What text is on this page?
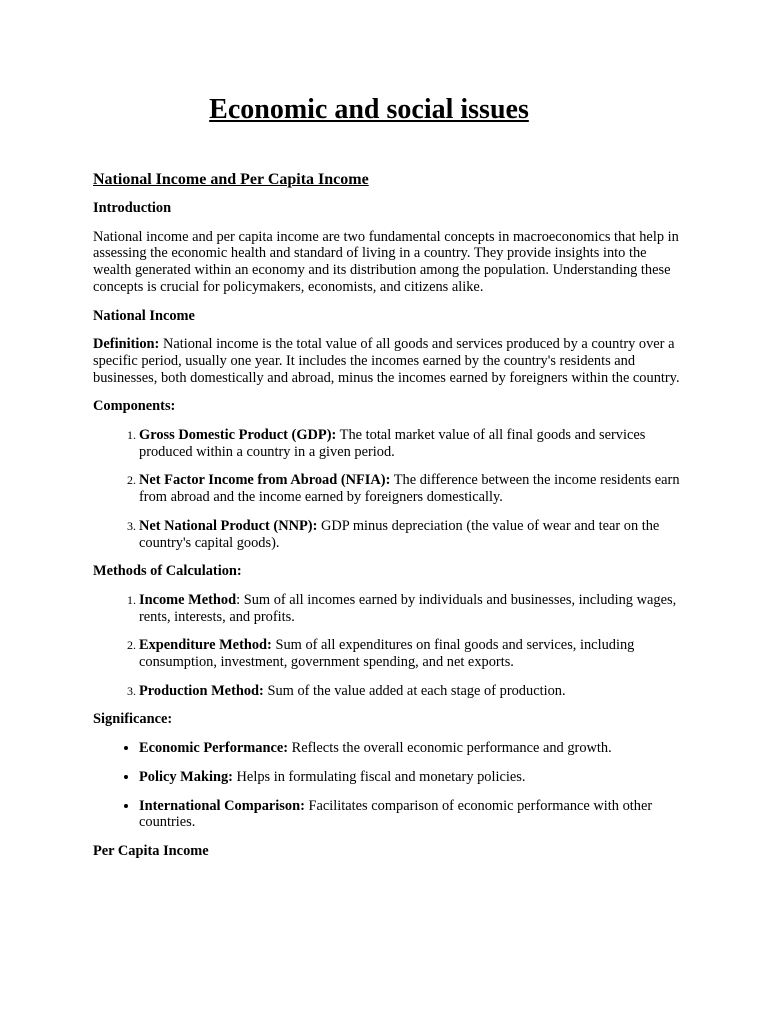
Economic and social issues
National Income and Per Capita Income

Introduction

National income and per capita income are two fundamental concepts in macroeconomics that help in assessing the economic health and standard of living in a country. They provide insights into the wealth generated within an economy and its distribution among the population. Understanding these concepts is crucial for policymakers, economists, and citizens alike.

National Income

Definition: National income is the total value of all goods and services produced by a country over a specific period, usually one year. It includes the incomes earned by the country's residents and businesses, both domestically and abroad, minus the incomes earned by foreigners within the country.

Components:

1. Gross Domestic Product (GDP): The total market value of all final goods and services produced within a country in a given period.
2. Net Factor Income from Abroad (NFIA): The difference between the income residents earn from abroad and the income earned by foreigners domestically.
3. Net National Product (NNP): GDP minus depreciation (the value of wear and tear on the country's capital goods).

Methods of Calculation:

1. Income Method: Sum of all incomes earned by individuals and businesses, including wages, rents, interests, and profits.
2. Expenditure Method: Sum of all expenditures on final goods and services, including consumption, investment, government spending, and net exports.
3. Production Method: Sum of the value added at each stage of production.

Significance:

• Economic Performance: Reflects the overall economic performance and growth.
• Policy Making: Helps in formulating fiscal and monetary policies.
• International Comparison: Facilitates comparison of economic performance with other countries.

Per Capita Income
